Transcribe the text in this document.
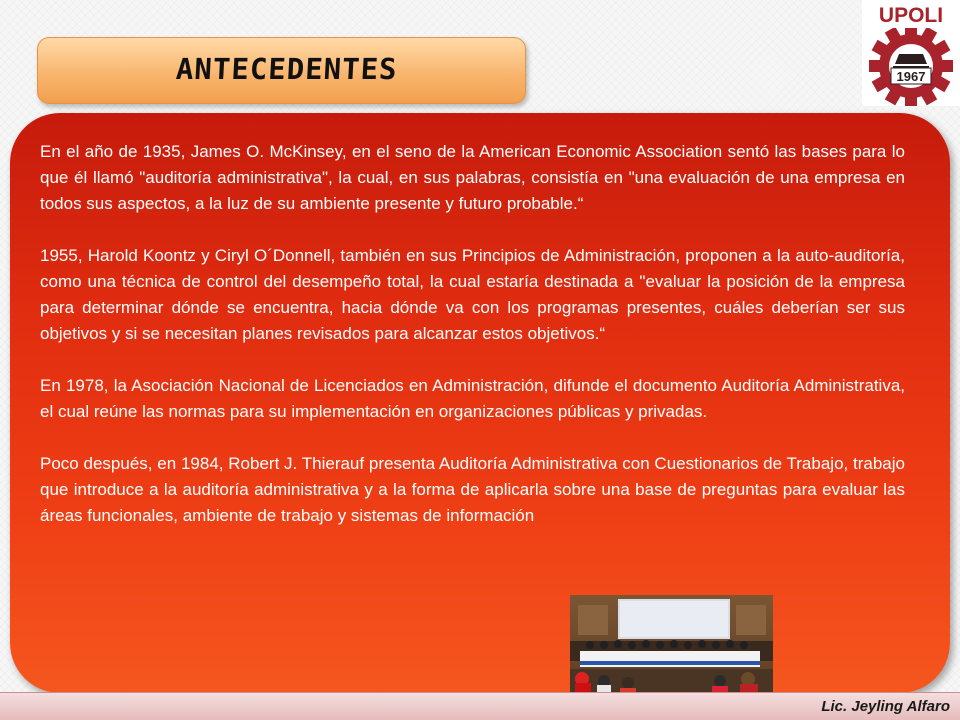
ANTECEDENTES
UPOLI
1967

En el año de 1935, James O. McKinsey, en el seno de la American Economic Association sentó las bases para lo que él llamó "auditoría administrativa", la cual, en sus palabras, consistía en "una evaluación de una empresa en todos sus aspectos, a la luz de su ambiente presente y futuro probable.“

1955, Harold Koontz y Ciryl O´Donnell, también en sus Principios de Administración, proponen a la auto-auditoría, como una técnica de control del desempeño total, la cual estaría destinada a "evaluar la posición de la empresa para determinar dónde se encuentra, hacia dónde va con los programas presentes, cuáles deberían ser sus objetivos y si se necesitan planes revisados para alcanzar estos objetivos.“

En 1978, la Asociación Nacional de Licenciados en Administración, difunde el documento Auditoría Administrativa, el cual reúne las normas para su implementación en organizaciones públicas y privadas.

Poco después, en 1984, Robert J. Thierauf presenta Auditoría Administrativa con Cuestionarios de Trabajo, trabajo que introduce a la auditoría administrativa y a la forma de aplicarla sobre una base de preguntas para evaluar las áreas funcionales, ambiente de trabajo y sistemas de información

Lic. Jeyling Alfaro
